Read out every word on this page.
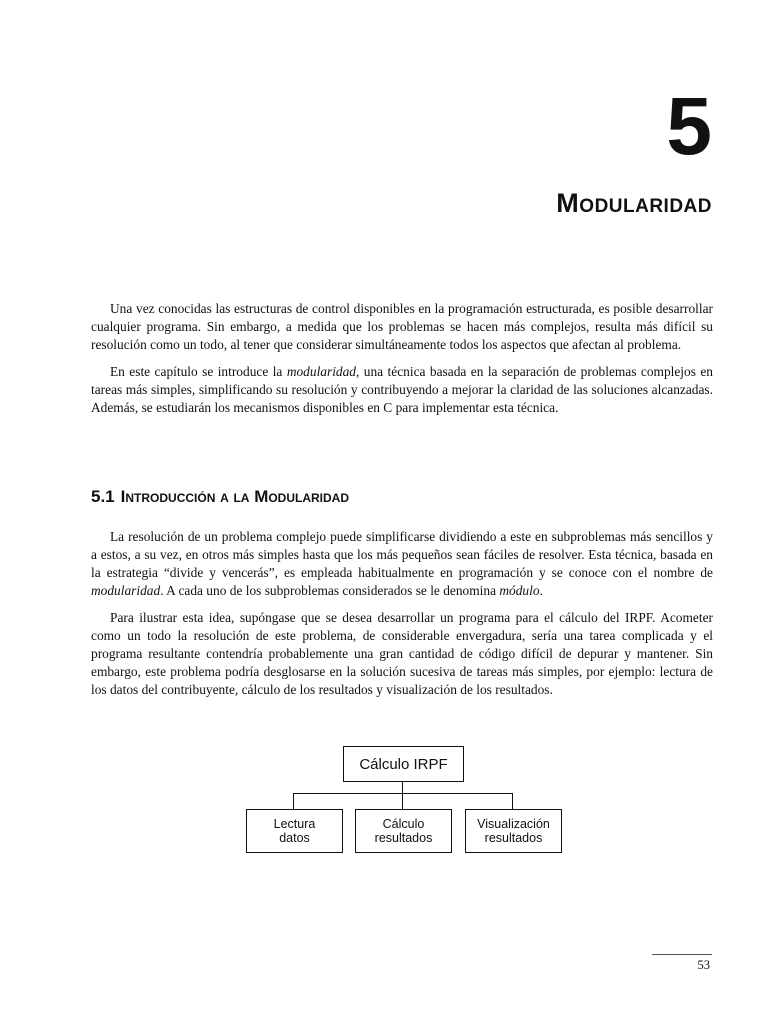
5
Modularidad

Una vez conocidas las estructuras de control disponibles en la programación estructurada, es posible desarrollar cualquier programa. Sin embargo, a medida que los problemas se hacen más complejos, resulta más difícil su resolución como un todo, al tener que considerar simultáneamente todos los aspectos que afectan al problema.

En este capítulo se introduce la modularidad, una técnica basada en la separación de problemas complejos en tareas más simples, simplificando su resolución y contribuyendo a mejorar la claridad de las soluciones alcanzadas. Además, se estudiarán los mecanismos disponibles en C para implementar esta técnica.

5.1 Introducción a la Modularidad

La resolución de un problema complejo puede simplificarse dividiendo a este en subproblemas más sencillos y a estos, a su vez, en otros más simples hasta que los más pequeños sean fáciles de resolver. Esta técnica, basada en la estrategia “divide y vencerás”, es empleada habitualmente en programación y se conoce con el nombre de modularidad. A cada uno de los subproblemas considerados se le denomina módulo.

Para ilustrar esta idea, supóngase que se desea desarrollar un programa para el cálculo del IRPF. Acometer como un todo la resolución de este problema, de considerable envergadura, sería una tarea complicada y el programa resultante contendría probablemente una gran cantidad de código difícil de depurar y mantener. Sin embargo, este problema podría desglosarse en la solución sucesiva de tareas más simples, por ejemplo: lectura de los datos del contribuyente, cálculo de los resultados y visualización de los resultados.

Cálculo IRPF
Lectura
datos
Cálculo
resultados
Visualización
resultados
53
